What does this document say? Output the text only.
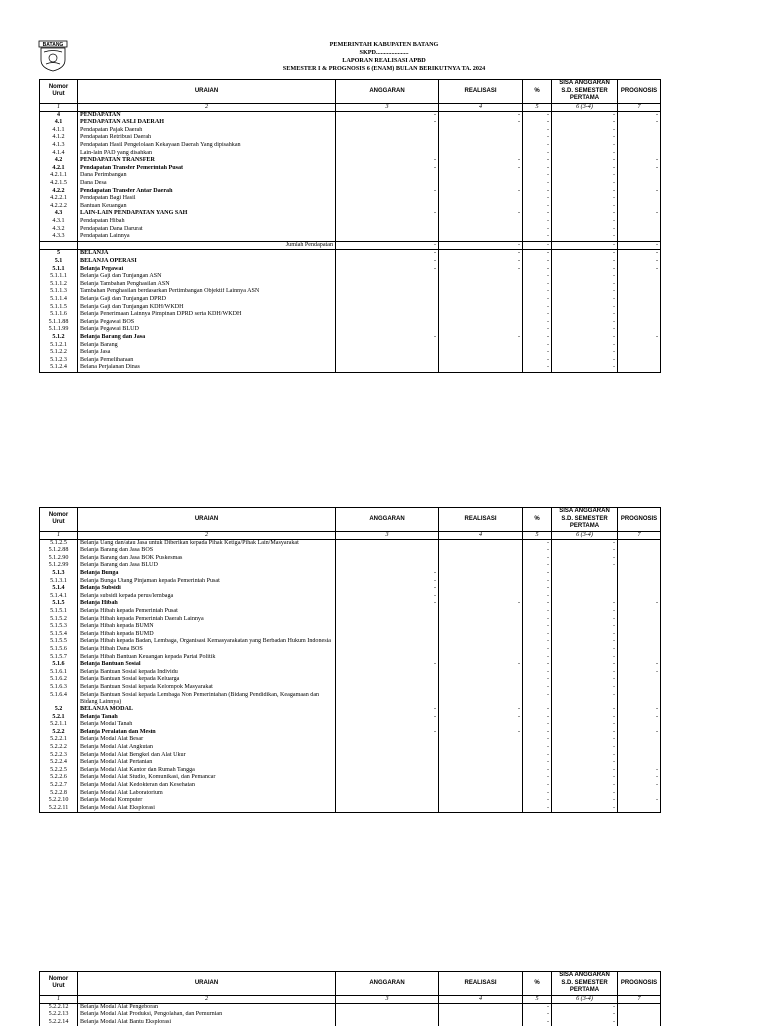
BATANG	PEMERINTAH KABUPATEN BATANG
SKPD.....................
LAPORAN REALISASI APBD
SEMESTER I & PROGNOSIS 6 (ENAM) BULAN BERIKUTNYA TA. 2024
Nomor Urut	URAIAN	ANGGARAN	REALISASI	%	SISA ANGGARAN S.D. SEMESTER PERTAMA	PROGNOSIS
1	2	3	4	5	6 (3-4)	7
4	PENDAPATAN	-	-	-	-	-
4.1	PENDAPATAN ASLI DAERAH	-	-	-	-	-
4.1.1	Pendapatan Pajak Daerah			-	-	
4.1.2	Pendapatan Retribusi Daerah			-	-	
4.1.3	Pendapatan Hasil Pengelolaan Kekayaan Daerah Yang dipisahkan			-	-	
4.1.4	Lain-lain PAD yang disahkan			-	-	
4.2	PENDAPATAN TRANSFER	-	-	-	-	-
4.2.1	Pendapatan Transfer Pemerintah Pusat	-	-	-	-	-
4.2.1.1	Dana Perimbangan			-	-	
4.2.1.5	Dana Desa			-	-	
4.2.2	Pendapatan Transfer Antar Daerah	-	-	-	-	-
4.2.2.1	Pendapatan Bagi Hasil			-	-	
4.2.2.2	Bantuan Keuangan			-	-	
4.3	LAIN-LAIN PENDAPATAN YANG SAH	-	-	-	-	-
4.3.1	Pendapatan Hibah			-	-	
4.3.2	Pendapatan Dana Darurat			-	-	
4.3.3	Pendapatan Lainnya			-	-	
	Jumlah Pendapatan	-	-	-	-	-
5	BELANJA	-	-	-	-	-
5.1	BELANJA OPERASI	-	-	-	-	-
5.1.1	Belanja Pegawai	-	-	-	-	-
5.1.1.1	Belanja Gaji dan Tunjangan ASN			-	-	
5.1.1.2	Belanja Tambahan Penghasilan ASN			-	-	
5.1.1.3	Tambahan Penghasilan berdasarkan Pertimbangan Objektif Lainnya ASN			-	-	
5.1.1.4	Belanja Gaji dan Tunjangan DPRD			-	-	
5.1.1.5	Belanja Gaji dan Tunjangan KDH/WKDH			-	-	
5.1.1.6	Belanja Penerimaan Lainnya Pimpinan DPRD serta KDH/WKDH			-	-	
5.1.1.88	Belanja Pegawai BOS			-	-	
5.1.1.99	Belanja Pegawai BLUD			-	-	
5.1.2	Belanja Barang dan Jasa	-	-	-	-	-
5.1.2.1	Belanja Barang			-	-	
5.1.2.2	Belanja Jasa			-	-	
5.1.2.3	Belanja Pemeliharaan			-	-	
5.1.2.4	Belana Perjalanan Dinas			-	-	
Nomor Urut	URAIAN	ANGGARAN	REALISASI	%	SISA ANGGARAN S.D. SEMESTER PERTAMA	PROGNOSIS
1	2	3	4	5	6 (3-4)	7
5.1.2.5	Belanja Uang dan/atau Jasa untuk Diberikan kepada Pihak Ketiga/Pihak Lain/Masyarakat			-	-	
5.1.2.88	Belanja Barang dan Jasa BOS			-	-	
5.1.2.90	Belanja Barang dan Jasa BOK Puskesmas			-	-	
5.1.2.99	Belanja Barang dan Jasa BLUD			-	-	
5.1.3	Belanja Bunga	-		-		
5.1.3.1	Belanja Bunga Utang Pinjaman kepada Pemerintah Pusat	-		-		
5.1.4	Belanja Subsidi	-		-		
5.1.4.1	Belanja subsidi kepada perus/lembaga	-		-		
5.1.5	Belanja Hibah	-	-	-	-	-
5.1.5.1	Belanja Hibah kepada Pemerintah Pusat			-	-	
5.1.5.2	Belanja Hibah kepada Pemerintah Daerah Lainnya			-	-	
5.1.5.3	Belanja Hibah kepada BUMN			-	-	
5.1.5.4	Belanja Hibah kepada BUMD			-	-	
5.1.5.5	Belanja Hibah kepada Badan, Lembaga, Organisasi Kemasyarakatan yang Berbadan Hukum Indonesia			-	-	
5.1.5.6	Belanja Hibah Dana BOS			-	-	
5.1.5.7	Belanja Hibah Bantuan Keuangan kepada Partai Politik			-	-	
5.1.6	Belanja Bantuan Sosial	-	-	-	-	-
5.1.6.1	Belanja Bantuan Sosial kepada Individu			-	-	-
5.1.6.2	Belanja Bantuan Sosial kepada Keluarga			-	-	
5.1.6.3	Belanja Bantuan Sosial kepada Kelompok Masyarakat			-	-	
5.1.6.4	Belanja Bantuan Sosial kepada Lembaga Non Pemerintahan (Bidang Pendidikan, Keagamaan dan Bidang Lainnya)			-	-	
5.2	BELANJA MODAL	-	-	-	-	-
5.2.1	Belanja Tanah	-	-	-	-	-
5.2.1.1	Belanja Modal Tanah			-	-	
5.2.2	Belanja Peralatan dan Mesin	-	-	-	-	-
5.2.2.1	Belanja Modal Alat Besar			-	-	
5.2.2.2	Belanja Modal Alat Angkutan			-	-	
5.2.2.3	Belanja Modal Alat Bengkel dan Alat Ukur			-	-	
5.2.2.4	Belanja Modal Alat Pertanian			-	-	
5.2.2.5	Belanja Modal Alat Kantor dan Rumah Tangga			-	-	-
5.2.2.6	Belanja Modal Alat Studio, Komunikasi, dan Pemancar			-	-	-
5.2.2.7	Belanja Modal Alat Kedokteran dan Kesehatan			-	-	-
5.2.2.8	Belanja Modal Alat Laboratorium			-	-	
5.2.2.10	Belanja Modal Komputer			-	-	-
5.2.2.11	Belanja Modal Alat Eksplorasi			-	-	
Nomor Urut	URAIAN	ANGGARAN	REALISASI	%	SISA ANGGARAN S.D. SEMESTER PERTAMA	PROGNOSIS
1	2	3	4	5	6 (3-4)	7
5.2.2.12	Belanja Modal Alat Pengeboran			-	-	
5.2.2.13	Belanja Modal Alat Produksi, Pengolahan, dan Pemurnian			-	-	
5.2.2.14	Belanja Modal Alat Bantu Eksplorasi			-	-	
